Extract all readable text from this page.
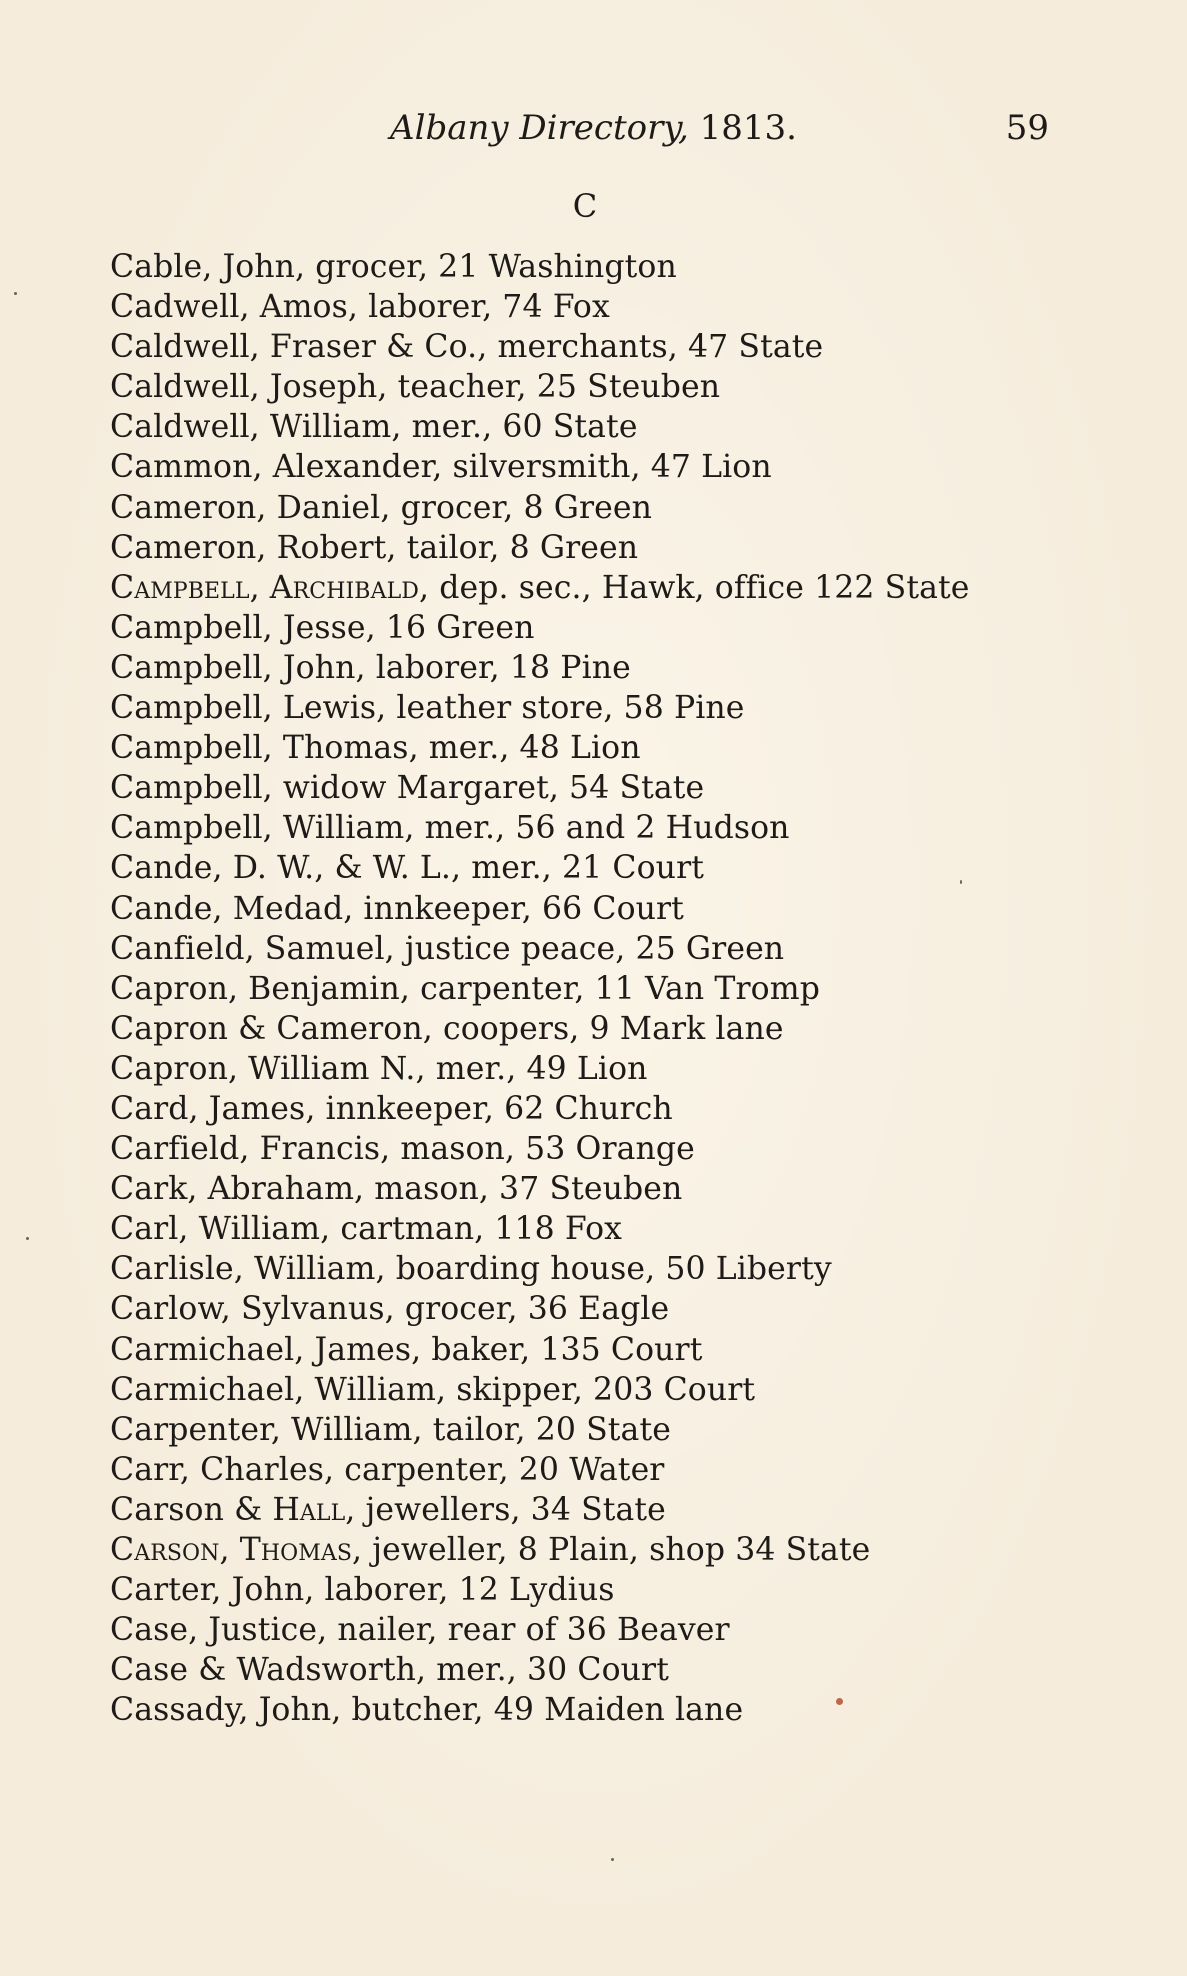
Albany Directory, 1813.	59
C
Cable, John, grocer, 21 Washington
Cadwell, Amos, laborer, 74 Fox
Caldwell, Fraser & Co., merchants, 47 State
Caldwell, Joseph, teacher, 25 Steuben
Caldwell, William, mer., 60 State
Cammon, Alexander, silversmith, 47 Lion
Cameron, Daniel, grocer, 8 Green
Cameron, Robert, tailor, 8 Green
Campbell, Archibald, dep. sec., Hawk, office 122 State
Campbell, Jesse, 16 Green
Campbell, John, laborer, 18 Pine
Campbell, Lewis, leather store, 58 Pine
Campbell, Thomas, mer., 48 Lion
Campbell, widow Margaret, 54 State
Campbell, William, mer., 56 and 2 Hudson
Cande, D. W., & W. L., mer., 21 Court
Cande, Medad, innkeeper, 66 Court
Canfield, Samuel, justice peace, 25 Green
Capron, Benjamin, carpenter, 11 Van Tromp
Capron & Cameron, coopers, 9 Mark lane
Capron, William N., mer., 49 Lion
Card, James, innkeeper, 62 Church
Carfield, Francis, mason, 53 Orange
Cark, Abraham, mason, 37 Steuben
Carl, William, cartman, 118 Fox
Carlisle, William, boarding house, 50 Liberty
Carlow, Sylvanus, grocer, 36 Eagle
Carmichael, James, baker, 135 Court
Carmichael, William, skipper, 203 Court
Carpenter, William, tailor, 20 State
Carr, Charles, carpenter, 20 Water
Carson & Hall, jewellers, 34 State
Carson, Thomas, jeweller, 8 Plain, shop 34 State
Carter, John, laborer, 12 Lydius
Case, Justice, nailer, rear of 36 Beaver
Case & Wadsworth, mer., 30 Court
Cassady, John, butcher, 49 Maiden lane
